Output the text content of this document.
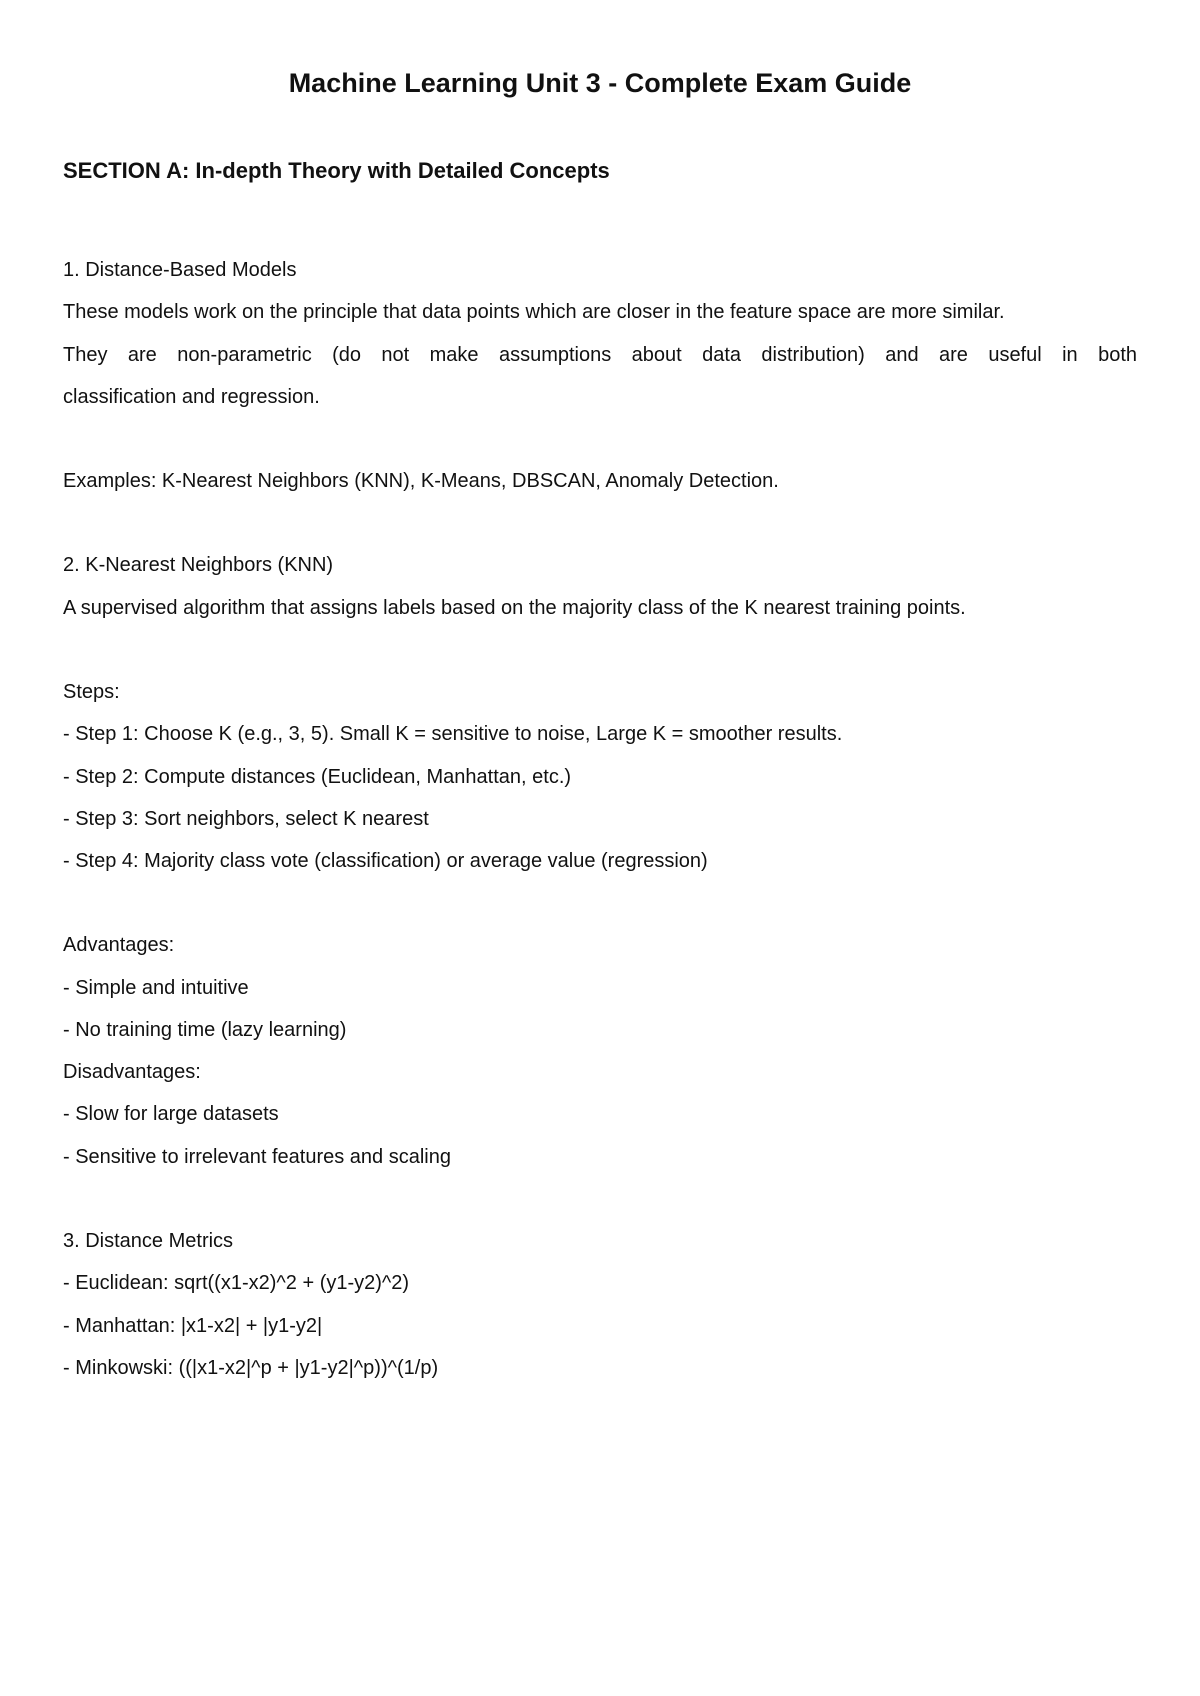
Machine Learning Unit 3 - Complete Exam Guide
SECTION A: In-depth Theory with Detailed Concepts

1. Distance-Based Models

These models work on the principle that data points which are closer in the feature space are more similar.

They are non-parametric (do not make assumptions about data distribution) and are useful in both

classification and regression.

Examples: K-Nearest Neighbors (KNN), K-Means, DBSCAN, Anomaly Detection.

2. K-Nearest Neighbors (KNN)

A supervised algorithm that assigns labels based on the majority class of the K nearest training points.

Steps:

- Step 1: Choose K (e.g., 3, 5). Small K = sensitive to noise, Large K = smoother results.

- Step 2: Compute distances (Euclidean, Manhattan, etc.)

- Step 3: Sort neighbors, select K nearest

- Step 4: Majority class vote (classification) or average value (regression)

Advantages:

- Simple and intuitive

- No training time (lazy learning)

Disadvantages:

- Slow for large datasets

- Sensitive to irrelevant features and scaling

3. Distance Metrics

- Euclidean: sqrt((x1-x2)^2 + (y1-y2)^2)

- Manhattan: |x1-x2| + |y1-y2|

- Minkowski: ((|x1-x2|^p + |y1-y2|^p))^(1/p)
